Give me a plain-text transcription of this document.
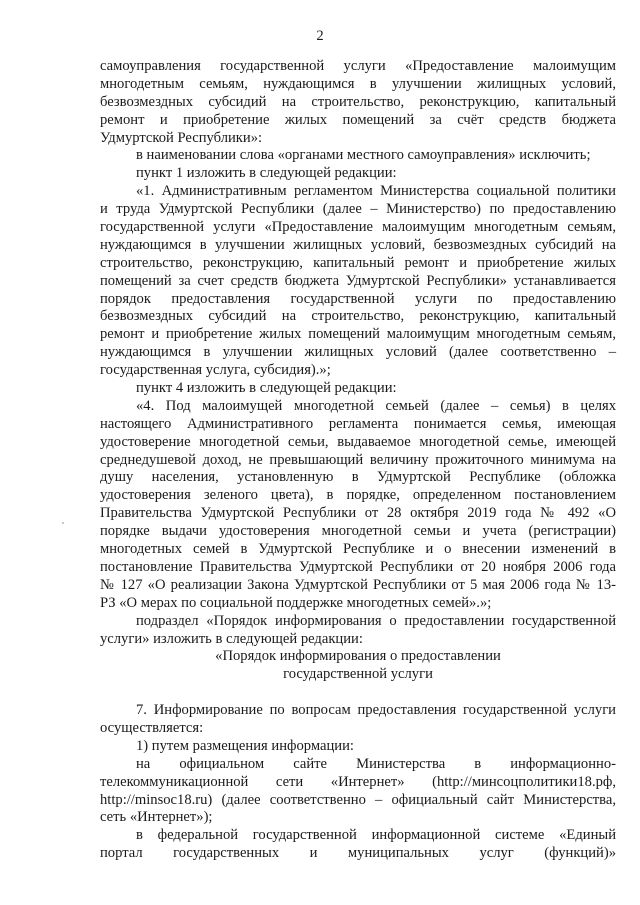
2
самоуправления государственной услуги «Предоставление малоимущим
многодетным семьям, нуждающимся в улучшении жилищных условий,
безвозмездных субсидий на строительство, реконструкцию, капитальный
ремонт и приобретение жилых помещений за счёт средств бюджета
Удмуртской Республики»:
в наименовании слова «органами местного самоуправления» исключить;
пункт 1 изложить в следующей редакции:
«1. Административным регламентом Министерства социальной политики
и труда Удмуртской Республики (далее – Министерство) по предоставлению
государственной услуги «Предоставление малоимущим многодетным семьям,
нуждающимся в улучшении жилищных условий, безвозмездных субсидий на
строительство, реконструкцию, капитальный ремонт и приобретение жилых
помещений за счет средств бюджета Удмуртской Республики» устанавливается
порядок предоставления государственной услуги по предоставлению
безвозмездных субсидий на строительство, реконструкцию, капитальный
ремонт и приобретение жилых помещений малоимущим многодетным семьям,
нуждающимся в улучшении жилищных условий (далее соответственно –
государственная услуга, субсидия).»;
пункт 4 изложить в следующей редакции:
«4. Под малоимущей многодетной семьей (далее – семья) в целях
настоящего Административного регламента понимается семья, имеющая
удостоверение многодетной семьи, выдаваемое многодетной семье, имеющей
среднедушевой доход, не превышающий величину прожиточного минимума на
душу населения, установленную в Удмуртской Республике (обложка
удостоверения зеленого цвета), в порядке, определенном постановлением
Правительства Удмуртской Республики от 28 октября 2019 года № 492 «О
порядке выдачи удостоверения многодетной семьи и учета (регистрации)
многодетных семей в Удмуртской Республике и о внесении изменений в
постановление Правительства Удмуртской Республики от 20 ноября 2006 года
№ 127 «О реализации Закона Удмуртской Республики от 5 мая 2006 года № 13-
РЗ «О мерах по социальной поддержке многодетных семей».»;
подраздел «Порядок информирования о предоставлении государственной
услуги» изложить в следующей редакции:
«Порядок информирования о предоставлении
государственной услуги
7. Информирование по вопросам предоставления государственной услуги
осуществляется:
1) путем размещения информации:
на официальном сайте Министерства в информационно-
телекоммуникационной сети «Интернет» (http://минсоцполитики18.рф,
http://minsoc18.ru) (далее соответственно – официальный сайт Министерства,
сеть «Интернет»);
в федеральной государственной информационной системе «Единый
портал государственных и муниципальных услуг (функций)»
